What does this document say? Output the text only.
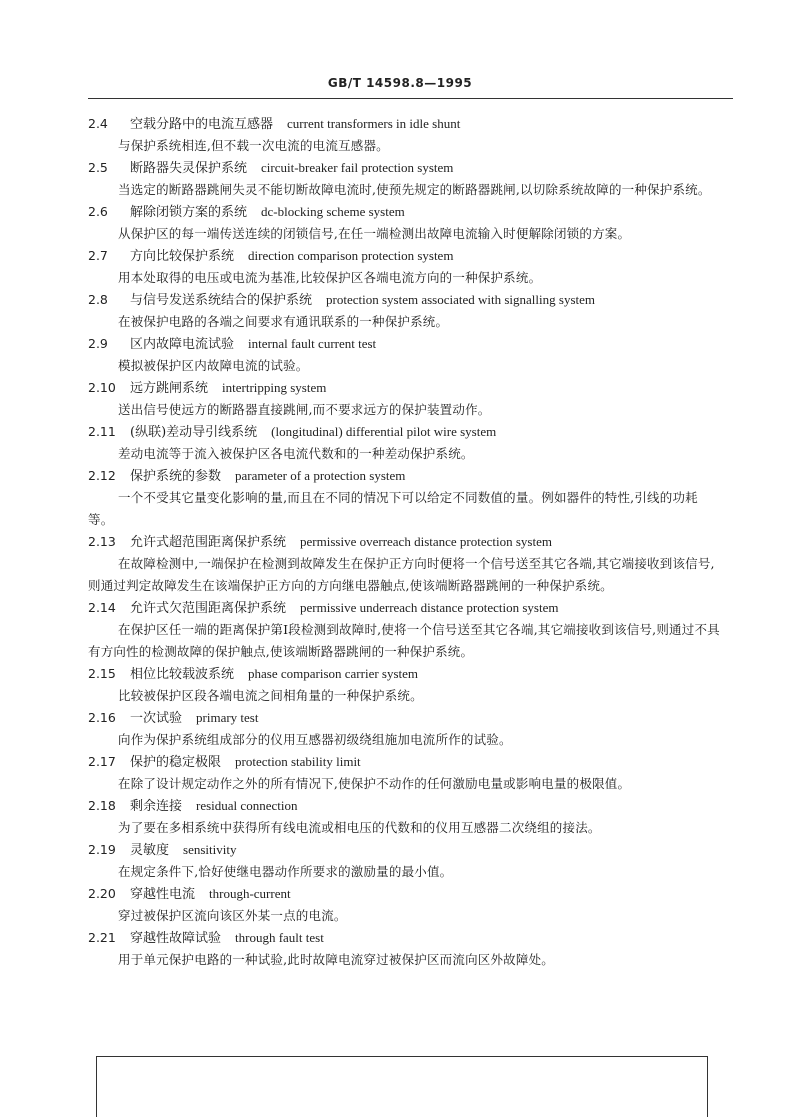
GB/T 14598.8—1995
2.4 空载分路中的电流互感器 current transformers in idle shunt

与保护系统相连,但不载一次电流的电流互感器。

2.5 断路器失灵保护系统 circuit-breaker fail protection system

当选定的断路器跳闸失灵不能切断故障电流时,使预先规定的断路器跳闸,以切除系统故障的一种保护系统。

2.6 解除闭锁方案的系统 dc-blocking scheme system

从保护区的每一端传送连续的闭锁信号,在任一端检测出故障电流输入时便解除闭锁的方案。

2.7 方向比较保护系统 direction comparison protection system

用本处取得的电压或电流为基准,比较保护区各端电流方向的一种保护系统。

2.8 与信号发送系统结合的保护系统 protection system associated with signalling system

在被保护电路的各端之间要求有通讯联系的一种保护系统。

2.9 区内故障电流试验 internal fault current test

模拟被保护区内故障电流的试验。

2.10 远方跳闸系统 intertripping system

送出信号使远方的断路器直接跳闸,而不要求远方的保护装置动作。

2.11 (纵联)差动导引线系统 (longitudinal) differential pilot wire system

差动电流等于流入被保护区各电流代数和的一种差动保护系统。

2.12 保护系统的参数 parameter of a protection system

一个不受其它量变化影响的量,而且在不同的情况下可以给定不同数值的量。例如器件的特性,引线的功耗等。

2.13 允许式超范围距离保护系统 permissive overreach distance protection system

在故障检测中,一端保护在检测到故障发生在保护正方向时便将一个信号送至其它各端,其它端接收到该信号,则通过判定故障发生在该端保护正方向的方向继电器触点,使该端断路器跳闸的一种保护系统。

2.14 允许式欠范围距离保护系统 permissive underreach distance protection system

在保护区任一端的距离保护第Ⅰ段检测到故障时,使将一个信号送至其它各端,其它端接收到该信号,则通过不具有方向性的检测故障的保护触点,使该端断路器跳闸的一种保护系统。

2.15 相位比较载波系统 phase comparison carrier system

比较被保护区段各端电流之间相角量的一种保护系统。

2.16 一次试验 primary test

向作为保护系统组成部分的仪用互感器初级绕组施加电流所作的试验。

2.17 保护的稳定极限 protection stability limit

在除了设计规定动作之外的所有情况下,使保护不动作的任何激励电量或影响电量的极限值。

2.18 剩余连接 residual connection

为了要在多相系统中获得所有线电流或相电压的代数和的仪用互感器二次绕组的接法。

2.19 灵敏度 sensitivity

在规定条件下,恰好使继电器动作所要求的激励量的最小值。

2.20 穿越性电流 through-current

穿过被保护区流向该区外某一点的电流。

2.21 穿越性故障试验 through fault test

用于单元保护电路的一种试验,此时故障电流穿过被保护区而流向区外故障处。
